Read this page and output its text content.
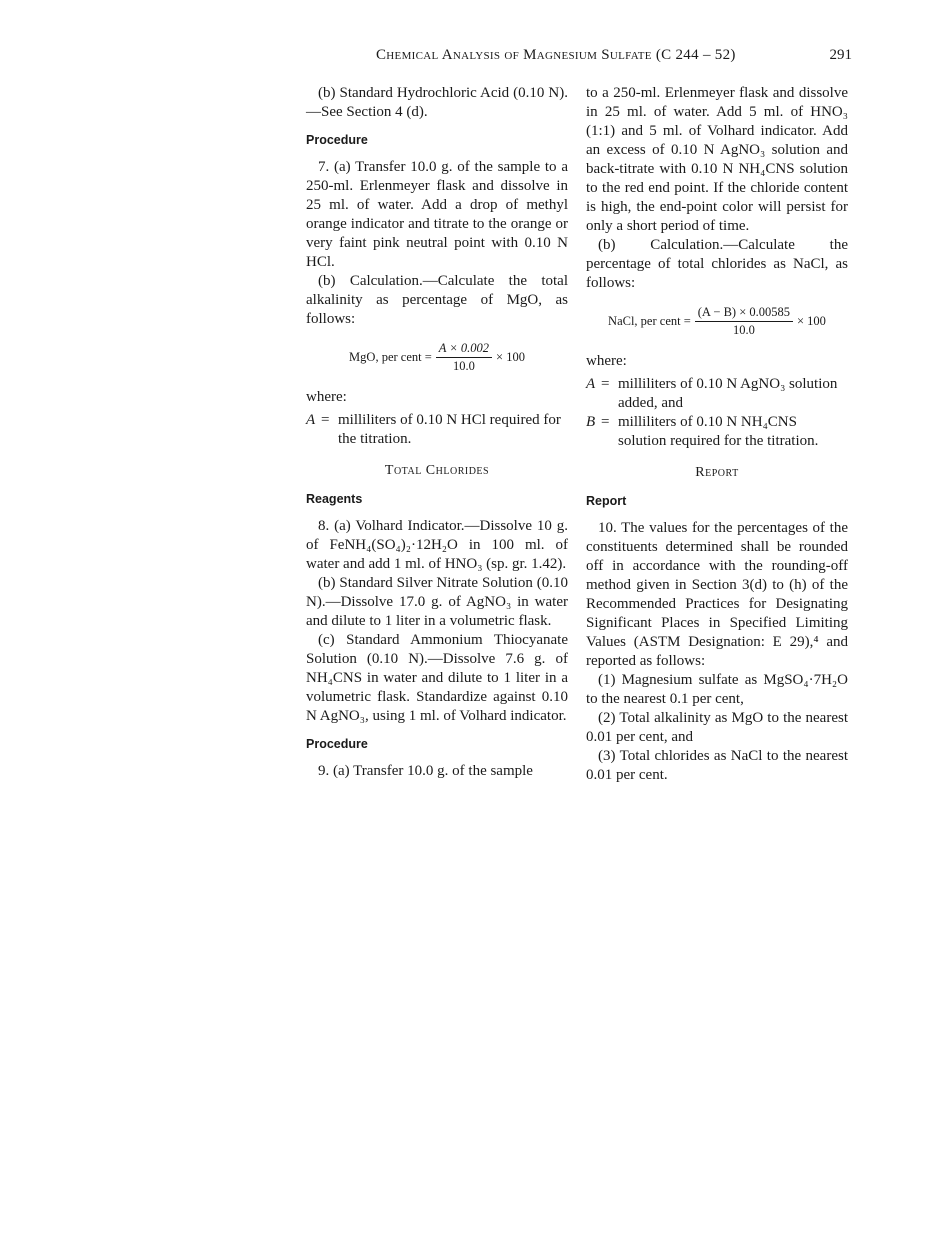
Chemical Analysis of Magnesium Sulfate (C 244 – 52)	291

(b) Standard Hydrochloric Acid (0.10 N).—See Section 4 (d).

Procedure

7. (a) Transfer 10.0 g. of the sample to a 250-ml. Erlenmeyer flask and dissolve in 25 ml. of water. Add a drop of methyl orange indicator and titrate to the orange or very faint pink neutral point with 0.10 N HCl.

(b) Calculation.—Calculate the total alkalinity as percentage of MgO, as follows:

MgO, per cent = $\frac{A \times 0.002}{10.0} \times 100$

where:

A = milliliters of 0.10 N HCl required for the titration.
Total Chlorides
Reagents

8. (a) Volhard Indicator.—Dissolve 10 g. of FeNH₄(SO₄)₂·12H₂O in 100 ml. of water and add 1 ml. of HNO₃ (sp. gr. 1.42).

(b) Standard Silver Nitrate Solution (0.10 N).—Dissolve 17.0 g. of AgNO₃ in water and dilute to 1 liter in a volumetric flask.

(c) Standard Ammonium Thiocyanate Solution (0.10 N).—Dissolve 7.6 g. of NH₄CNS in water and dilute to 1 liter in a volumetric flask. Standardize against 0.10 N AgNO₃, using 1 ml. of Volhard indicator.

Procedure

9. (a) Transfer 10.0 g. of the sample

to a 250-ml. Erlenmeyer flask and dissolve in 25 ml. of water. Add 5 ml. of HNO₃ (1:1) and 5 ml. of Volhard indicator. Add an excess of 0.10 N AgNO₃ solution and back-titrate with 0.10 N NH₄CNS solution to the red end point. If the chloride content is high, the end-point color will persist for only a short period of time.

(b) Calculation.—Calculate the percentage of total chlorides as NaCl, as follows:

NaCl, per cent = $\frac{(A - B) \times 0.00585}{10.0} \times 100$

where:

A = milliliters of 0.10 N AgNO₃ solution added, and
B = milliliters of 0.10 N NH₄CNS solution required for the titration.
Report
Report

10. The values for the percentages of the constituents determined shall be rounded off in accordance with the rounding-off method given in Section 3(d) to (h) of the Recommended Practices for Designating Significant Places in Specified Limiting Values (ASTM Designation: E 29),⁴ and reported as follows:

(1) Magnesium sulfate as MgSO₄·7H₂O to the nearest 0.1 per cent,

(2) Total alkalinity as MgO to the nearest 0.01 per cent, and

(3) Total chlorides as NaCl to the nearest 0.01 per cent.
